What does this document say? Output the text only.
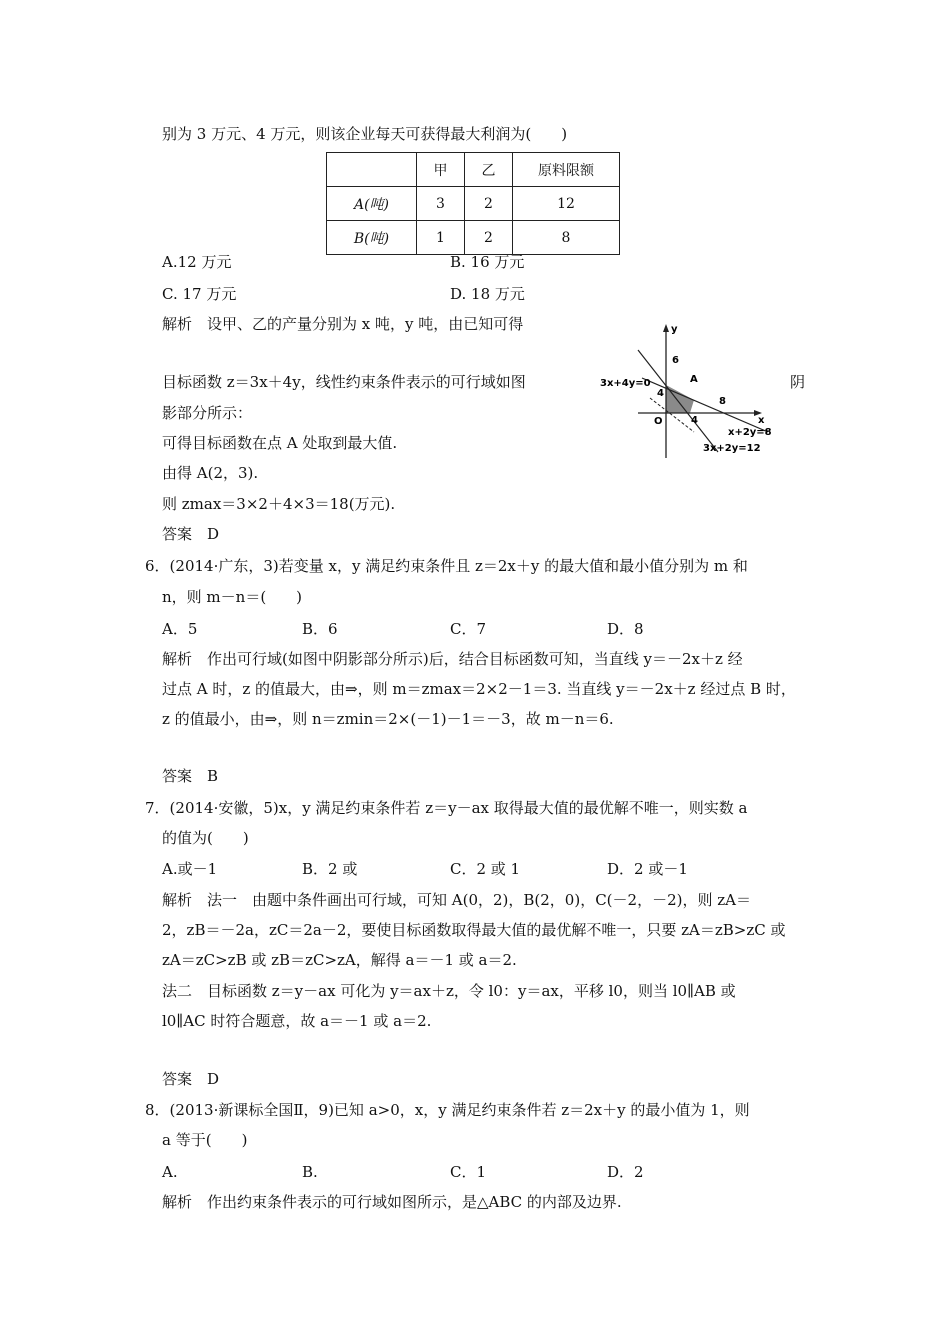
别为 3 万元、4 万元，则该企业每天可获得最大利润为(　　)
	甲	乙	原料限额
A(吨)	3	2	12
B(吨)	1	2	8
A.12 万元	B. 16 万元
C. 17 万元	D. 18 万元
解析　设甲、乙的产量分别为 x 吨，y 吨，由已知可得
目标函数 z＝3x＋4y，线性约束条件表示的可行域如图	阴
影部分所示：
可得目标函数在点 A 处取到最大值.
由得 A(2，3).
则 zmax＝3×2＋4×3＝18(万元).
答案　D
y
x
O
A
6
4
4
8
3x+4y=0
x+2y=8
3x+2y=12
6．(2014·广东，3)若变量 x，y 满足约束条件且 z＝2x＋y 的最大值和最小值分别为 m 和
n，则 m－n＝(　　)
A．5	B．6	C．7	D．8
解析　作出可行域(如图中阴影部分所示)后，结合目标函数可知，当直线 y＝－2x＋z 经
过点 A 时，z 的值最大，由⇒，则 m＝zmax＝2×2－1＝3. 当直线 y＝－2x＋z 经过点 B 时，
z 的值最小，由⇒，则 n＝zmin＝2×(－1)－1＝－3，故 m－n＝6.
答案　B
7．(2014·安徽，5)x，y 满足约束条件若 z＝y－ax 取得最大值的最优解不唯一，则实数 a
的值为(　　)
A.或－1	B．2 或	C．2 或 1	D．2 或－1
解析　法一　由题中条件画出可行域，可知 A(0，2)，B(2，0)，C(－2，－2)，则 zA＝
2，zB＝－2a，zC＝2a－2，要使目标函数取得最大值的最优解不唯一，只要 zA＝zB>zC 或
zA＝zC>zB 或 zB＝zC>zA，解得 a＝－1 或 a＝2.
法二　目标函数 z＝y－ax 可化为 y＝ax＋z，令 l0：y＝ax，平移 l0，则当 l0∥AB 或
l0∥AC 时符合题意，故 a＝－1 或 a＝2.
答案　D
8．(2013·新课标全国Ⅱ，9)已知 a>0，x，y 满足约束条件若 z＝2x＋y 的最小值为 1，则
a 等于(　　)
A.	B.	C．1	D．2
解析　作出约束条件表示的可行域如图所示，是△ABC 的内部及边界.
